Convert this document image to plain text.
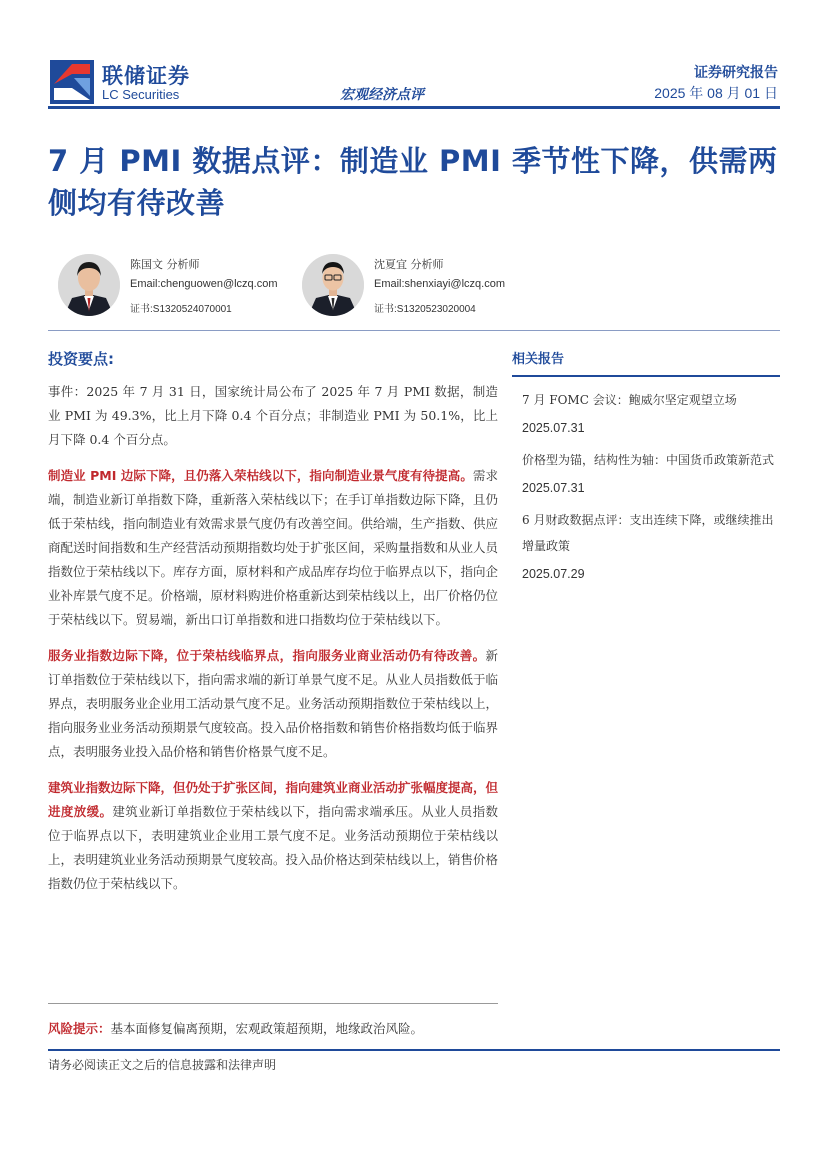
联储证券
LC Securities	宏观经济点评
证券研究报告
2025 年 08 月 01 日
7 月 PMI 数据点评：制造业 PMI 季节性下降，供需两侧均有待改善
陈国文 分析师
Email:chenguowen@lczq.com
证书:S1320524070001
沈夏宜 分析师
Email:shenxiayi@lczq.com
证书:S1320523020004
投资要点:

事件：2025 年 7 月 31 日，国家统计局公布了 2025 年 7 月 PMI 数据，制造业 PMI 为 49.3%，比上月下降 0.4 个百分点；非制造业 PMI 为 50.1%，比上月下降 0.4 个百分点。

制造业 PMI 边际下降，且仍落入荣枯线以下，指向制造业景气度有待提高。需求端，制造业新订单指数下降，重新落入荣枯线以下；在手订单指数边际下降，且仍低于荣枯线，指向制造业有效需求景气度仍有改善空间。供给端，生产指数、供应商配送时间指数和生产经营活动预期指数均处于扩张区间，采购量指数和从业人员指数位于荣枯线以下。库存方面，原材料和产成品库存均位于临界点以下，指向企业补库景气度不足。价格端，原材料购进价格重新达到荣枯线以上，出厂价格仍位于荣枯线以下。贸易端，新出口订单指数和进口指数均位于荣枯线以下。

服务业指数边际下降，位于荣枯线临界点，指向服务业商业活动仍有待改善。新订单指数位于荣枯线以下，指向需求端的新订单景气度不足。从业人员指数低于临界点，表明服务业企业用工活动景气度不足。业务活动预期指数位于荣枯线以上，指向服务业业务活动预期景气度较高。投入品价格指数和销售价格指数均低于临界点，表明服务业投入品价格和销售价格景气度不足。

建筑业指数边际下降，但仍处于扩张区间，指向建筑业商业活动扩张幅度提高，但进度放缓。建筑业新订单指数位于荣枯线以下，指向需求端承压。从业人员指数位于临界点以下，表明建筑业企业用工景气度不足。业务活动预期位于荣枯线以上，表明建筑业业务活动预期景气度较高。投入品价格达到荣枯线以上，销售价格指数仍位于荣枯线以下。

风险提示：基本面修复偏离预期，宏观政策超预期，地缘政治风险。
相关报告
7 月 FOMC 会议：鲍威尔坚定观望立场
2025.07.31
价格型为锚，结构性为轴：中国货币政策新范式
2025.07.31
6 月财政数据点评：支出连续下降，或继续推出增量政策
2025.07.29
请务必阅读正文之后的信息披露和法律声明
